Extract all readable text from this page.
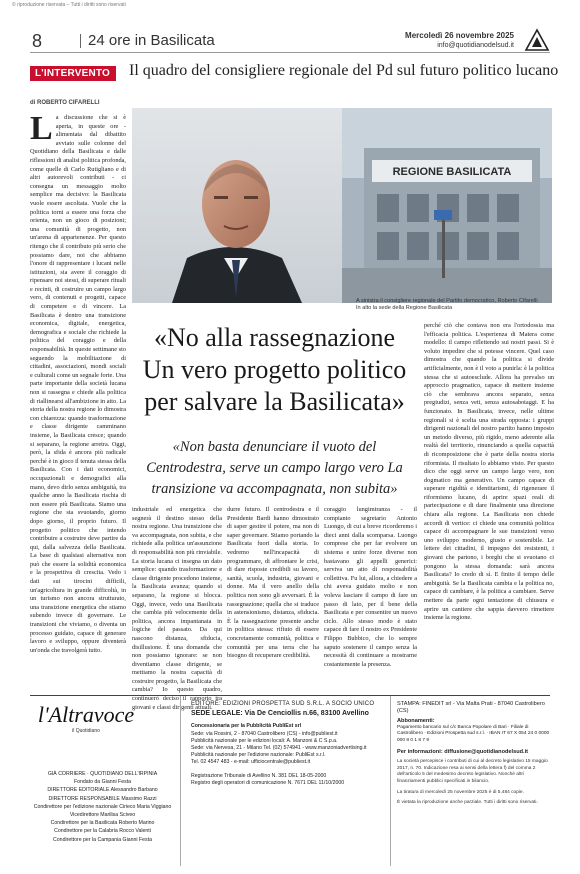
© riproduzione riservata – Tutti i diritti sono riservati
8	24 ore in Basilicata	Mercoledì 26 novembre 2025
info@quotidianodelsud.it
L'INTERVENTO	Il quadro del consigliere regionale del Pd sul futuro politico lucano
di ROBERTO CIFARELLI
La discussione che si è aperta, in queste ore - alimentata dal dibattito avviato sulle colonne del Quotidiano della Basilicata e dalle riflessioni di analisi politica profonda, come quelle di Carlo Rutigliano e di altri autorevoli contributi - ci consegna un messaggio molto semplice ma decisivo: la Basilicata vuole essere ascoltata. Vuole che la politica torni a essere una forza che orienta, non un gioco di posizioni; una comunità di progetto, non un'arena di appartenenze. Per questo ritengo che il contributo più serio che possiamo dare, noi che abbiamo l'onore di rappresentare i lucani nelle istituzioni, sia avere il coraggio di ripensare noi stessi, di superare rituali e recinti, di costruire un campo largo vero, di contenuti e progetti, capace di competere e di vincere. La Basilicata è dentro una transizione economica, digitale, energetica, demografica e sociale che richiede la politica del coraggio e della responsabilità. In queste settimane sto seguendo la mobilitazione di cittadini, associazioni, mondi sociali e culturali come un segnale forte. Una parte importante della società lucana non si rassegna e chiede alla politica di riallinearsi all'ambizione in atto. La storia della nostra regione lo dimostra con chiarezza: quando trasformazione e classe dirigente camminano insieme, la Basilicata cresce; quando si separano, la regione arretra. Oggi, però, la sfida è ancora più radicale perché è in gioco il tenuta stessa della Basilicata. Con i dati economici, occupazionali e demografici alla mano, devo dirlo senza ambiguità, tra qualche anno la Basilicata rischia di non essere più Basilicata. Siamo una regione che sta svuotando, giorno dopo giorno, il proprio futuro. Il progetto politico che intendo contribuire a costruire deve partire da qui, dalla salvezza della Basilicata. La base di qualsiasi alternativa non può che essere la solidità economica e la prospettiva di crescita. Vedo i dati sui tirocini difficili, un'agricoltura in grande difficoltà, in un turismo non ancora strutturato, una transizione energetica che stiamo subendo invece di governare. Le transizioni che viviamo, o diventa un processo guidato, capace di generare lavoro e sviluppo, oppure diventerà un'onda che travolgerà tutto.
REGIONE BASILICATA
A sinistra il consigliere regionale del Partito democratico, Roberto Cifarelli
In alto la sede della Regione Basilicata
«No alla rassegnazione
Un vero progetto politico
per salvare la Basilicata»
«Non basta denunciare il vuoto del Centrodestra, serve un campo largo vero La transizione va accompagnata, non subita»
industriale ed energetica che segnerà il destino stesso della nostra regione. Una transizione che va accompagnata, non subita, e che richiede alla politica un'assunzione di responsabilità non più rinviabile. La storia lucana ci insegna un dato semplice: quando trasformazione e classe dirigente procedono insieme, la Basilicata avanza; quando si separano, la regione si blocca. Oggi, invece, vedo una Basilicata che cambia più velocemente della politica, ancora impantanata in logiche del passato. Da qui nascono distanza, sfiducia, disillusione. È una domanda che non possiamo ignorare: se non diventiamo classe dirigente, se mettiamo la nostra capacità di costruire progetto, la Basilicata che cambia? Io questo quadro, continuerò deciso il rapporto tra giovani e classi dirigenti attuali.
durre futuro. Il centrodestra e il Presidente Bardi hanno dimostrato di saper gestire il potere, ma non di saper governare. Stiamo portando la Basilicata fuori dalla storia. Io vedremo nell'incapacità di programmare, di affrontare le crisi, di dare risposte credibili su lavoro, sanità, scuola, industria, giovani e donne. Ma il vero anello della politica non sono gli avversari. È la rassegnazione; quella che si traduce in astensionismo, distanza, sfiducia. È la rassegnazione presente anche in politica stessa: rifiuto di essere concretamente comunità, politica e comunità per una terra che ha bisogno di recuperare credibilità.
coraggio lungimiranza - il compianto segretario Antonio Luongo, di cui a breve ricorderemo i dieci anni dalla scomparsa. Luongo comprese che per far evolvere un sistema e unire forze diverse non bastavano gli appelli generici: serviva un atto di responsabilità collettiva. Fu lui, allora, a chiedere a chi aveva guidato molto e non voleva lasciare il campo di fare un passo di lato, per il bene della Basilicata e per consentire un nuovo ciclo. Allo stesso modo è stato capace di fare il nostro ex Presidente Filippo Bubbico, che lo sempre saputo sostenere il campo senza la necessità di continuare a mostrarne costantemente la presenza.
perché ciò che contava non era l'ortodossia ma l'efficacia politica. L'esperienza di Matera come modello: il campo riflettendo sui nostri passi. Si è voluto impedire che si potesse vincere. Quel caso dimostra che quando la politica si divide artificialmente, non è il voto a punirla: è la politica stessa che si autoesclude. Allora ha prevalso un approccio pragmatico, capace di mettere insieme ciò che sembrava ancora separato, senza pregiudizi, senza veti, senza autosabotaggi. E ha funzionato. In Basilicata, invece, nelle ultime regionali si è scelta una strada opposta: i gruppi dirigenti nazionali del nostro partito hanno imposto un metodo diverso, più rigido, meno aderente alla realtà del territorio, rinunciando a quella capacità di ricomposizione che è parte della nostra storia riformista. Il risultato lo abbiamo visto. Per questo dico che oggi serve un campo largo vero, non dogmatico ma generativo. Un campo capace di superare rigidità e identitarismi, di rigenerare il riformismo lucano, di aprire spazi reali di partecipazione e di dare finalmente una direzione chiara alla regione. La Basilicata non chiede accordi di vertice: ci chiede una comunità politica capace di accompagnare le sue transizioni verso uno sviluppo moderno, giusto e sostenibile. Le lettere dei cittadini, il impegno dei resistenti, i giovani che partono, i borghi che si svuotano ci pongono la stessa domanda: sarà ancora Basilicata? Io credo di sì. E finito il tempo delle ambiguità. Se la Basilicata cambia e la politica no, capace di cambiare, è la politica a cambiare. Serve mettere da parte ogni tentazione di chiusura e aprire un cantiere che sappia davvero rimettere insieme la regione.
l'Altravoce
il Quotidiano
GIÀ CORRIERE · QUOTIDIANO DELL'IRPINIA
Fondato da Gianni Festa
DIRETTORE EDITORIALE Alessandro Barbano
DIRETTORE RESPONSABILE Massimo Razzi
Condirettore per l'edizione nazionale Cirieco Maria Viggiano
Vicedirettore Marilisa Sciveo
Condirettore per la Basilicata Roberto Marino
Condirettore per la Calabria Rocco Valenti
Condirettore per la Campania Gianni Festa
EDITORE: EDIZIONI PROSPETTA SUD S.R.L. A SOCIO UNICO
SEDE LEGALE: Via De Cenciollis n.66, 83100 Avellino
Concessionaria per la Pubblicità PubliEst srl
Sede: via Rossini, 2 - 87040 Castrolibero (CS) - info@publiest.it
Pubblicità nazionale per le edizioni locali: A. Manzoni & C S.p.a.
Sede: via Nervesa, 21 - Milano Tel. (02) 574941 - www.manzoniadvertising.it
Pubblicità nazionale per l'edizione nazionale: PubliEst s.r.l.
Tel. 02 4547 483 - e-mail: ufficiocentrale@publiest.it
Registrazione Tribunale di Avellino N. 381 DEL 18-05-2000
Registro degli operatori di comunicazione N. 7671 DEL 11/10/2000
STAMPA: FINEDIT srl - Via Malta Prati - 87040 Castrolibero (CS)
Abbonamenti:
Pagamento bancario sul c/c Banca Popolare di Bari · Filiale di Castrolibero · Edizioni Prospetta sud s.r.l. · IBAN IT 67 X 054 24 0 0000 000 8 0 1 8 7 9
Per informazioni: diffusione@quotidianodelsud.it
La società percepisce i contributi di cui al decreto legislativo 15 maggio 2017, n. 70. Indicazione resa ai sensi della lettera f) del comma 2 dell'articolo 5 del medesimo decreto legislativo. Nonché altri finanziamenti pubblici specificati in bilancio.
La tiratura di mercoledì 25 novembre 2025 è di 5.484 copie.
È vietata la riproduzione anche parziale. Tutti i diritti sono riservati.
